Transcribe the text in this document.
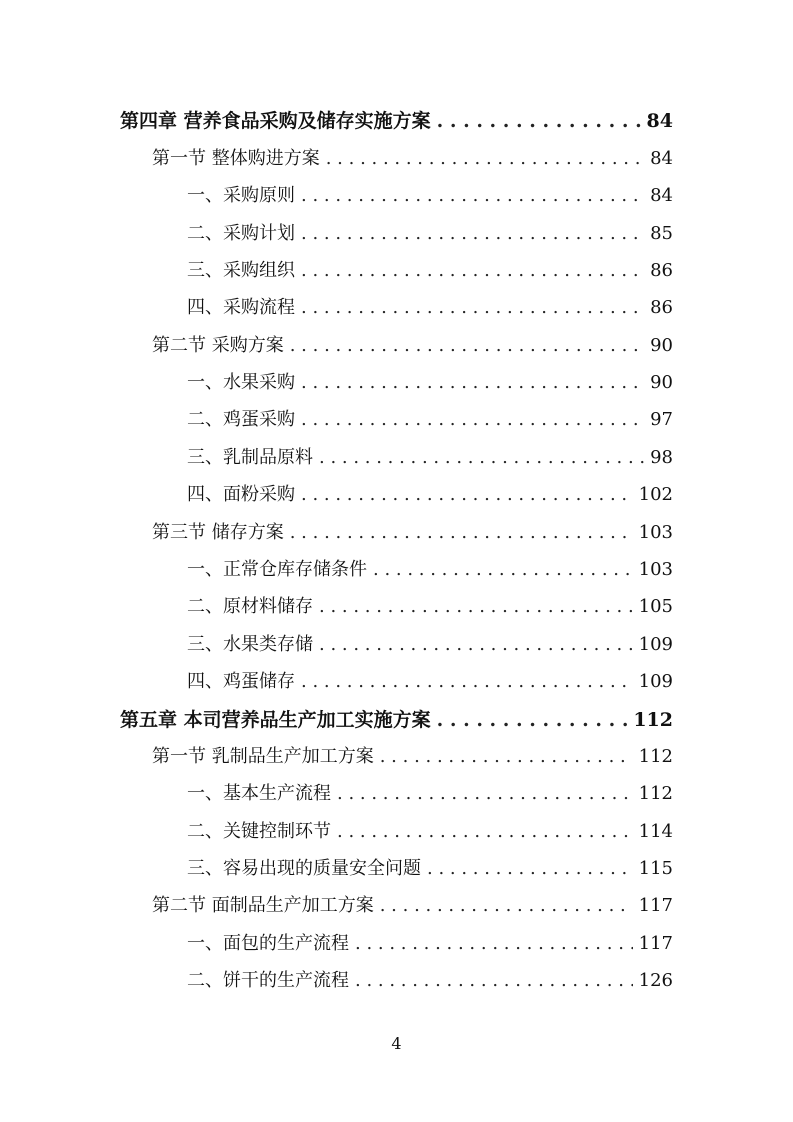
第四章 营养食品采购及储存实施方案 . . .	84
第一节 整体购进方案 . . .	84
一、采购原则 . . .	84
二、采购计划 . . .	85
三、采购组织 . . .	86
四、采购流程 . . .	86
第二节 采购方案 . . .	90
一、水果采购 . . .	90
二、鸡蛋采购 . . .	97
三、乳制品原料 . . .	98
四、面粉采购 . . .	102
第三节 储存方案 . . .	103
一、正常仓库存储条件 . . .	103
二、原材料储存 . . .	105
三、水果类存储 . . .	109
四、鸡蛋储存 . . .	109
第五章 本司营养品生产加工实施方案 . . .	112
第一节 乳制品生产加工方案 . . .	112
一、基本生产流程 . . .	112
二、关键控制环节 . . .	114
三、容易出现的质量安全问题 . . .	115
第二节 面制品生产加工方案 . . .	117
一、面包的生产流程 . . .	117
二、饼干的生产流程 . . .	126
4
